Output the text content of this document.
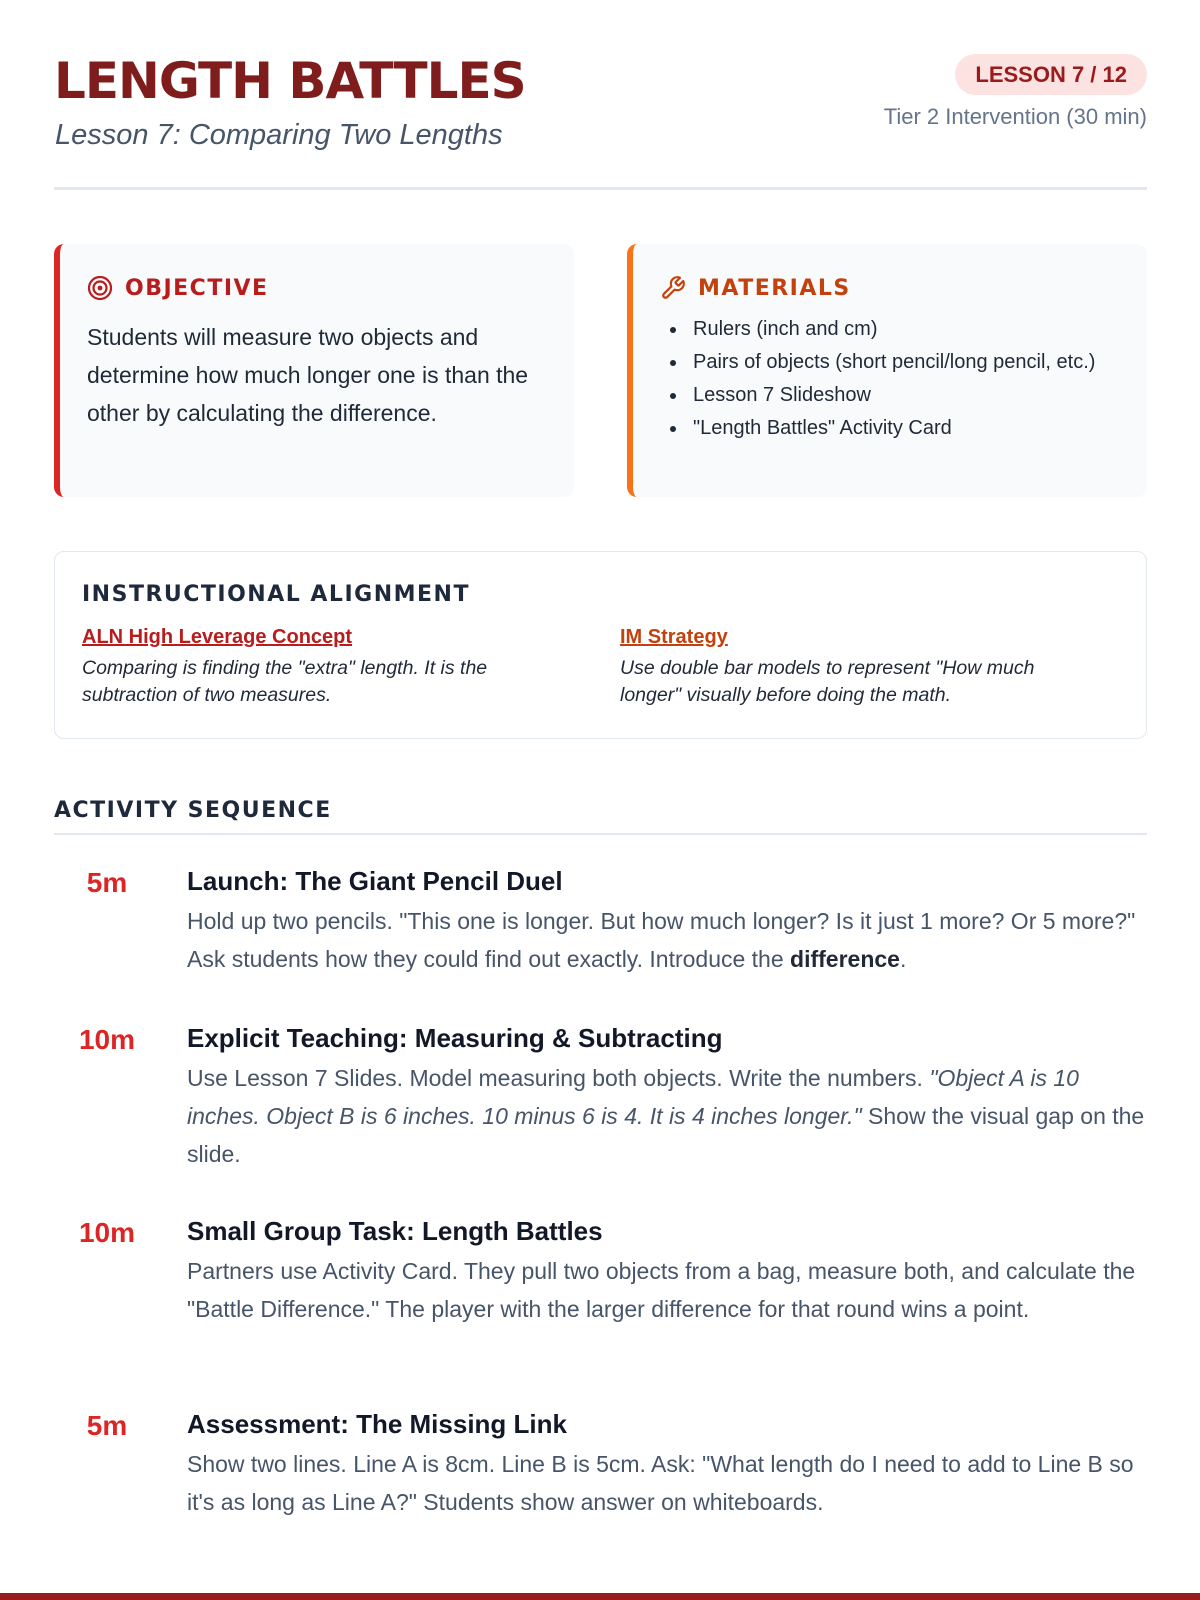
LENGTH BATTLES
Lesson 7: Comparing Two Lengths
LESSON 7 / 12
Tier 2 Intervention (30 min)
OBJECTIVE
Students will measure two objects and determine how much longer one is than the other by calculating the difference.
MATERIALS
Rulers (inch and cm)
Pairs of objects (short pencil/long pencil, etc.)
Lesson 7 Slideshow
"Length Battles" Activity Card
INSTRUCTIONAL ALIGNMENT
ALN High Leverage Concept
Comparing is finding the "extra" length. It is the subtraction of two measures.
IM Strategy
Use double bar models to represent "How much longer" visually before doing the math.
ACTIVITY SEQUENCE
5m	Launch: The Giant Pencil Duel
Hold up two pencils. "This one is longer. But how much longer? Is it just 1 more? Or 5 more?" Ask students how they could find out exactly. Introduce the difference.
10m	Explicit Teaching: Measuring & Subtracting
Use Lesson 7 Slides. Model measuring both objects. Write the numbers. "Object A is 10 inches. Object B is 6 inches. 10 minus 6 is 4. It is 4 inches longer." Show the visual gap on the slide.
10m	Small Group Task: Length Battles
Partners use Activity Card. They pull two objects from a bag, measure both, and calculate the "Battle Difference." The player with the larger difference for that round wins a point.
5m	Assessment: The Missing Link
Show two lines. Line A is 8cm. Line B is 5cm. Ask: "What length do I need to add to Line B so it's as long as Line A?" Students show answer on whiteboards.
